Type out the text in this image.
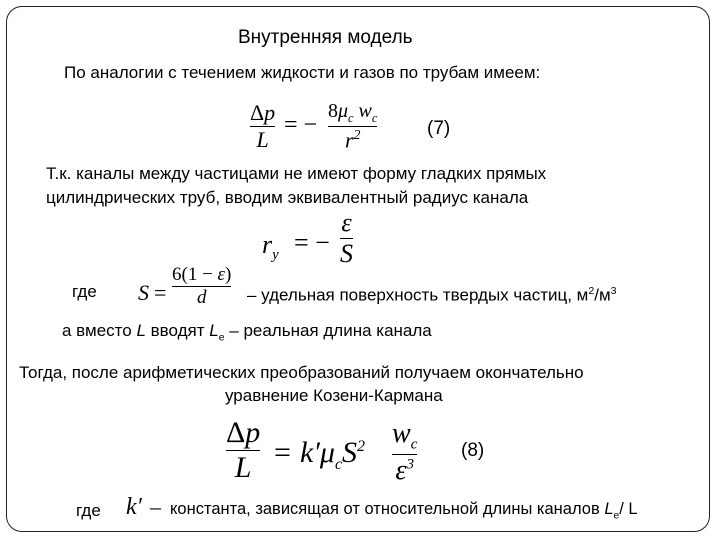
Внутренняя модель
По аналогии с течением жидкости и газов по трубам имеем:
Δp
L
= −
$8\mu_c$ $w_c$
$r^2$	(7)
Т.к. каналы между частицами не имеют форму гладких прямых
цилиндрических труб, вводим эквивалентный радиус канала
$r_y$ = −
ε
S
где S =
6(1 − ε)
d – удельная поверхность твердых частиц, $м^2/м^3$
а вместо L вводят $L_e$ – реальная длина канала
Тогда, после арифметических преобразований получаем окончательно
уравнение Козени-Кармана
Δp
$L = k'\mu_cS^2$ $w_c$
$\varepsilon^3$
(8)
где k′ – константа, зависящая от относительной длины каналов $L_e/$ L
